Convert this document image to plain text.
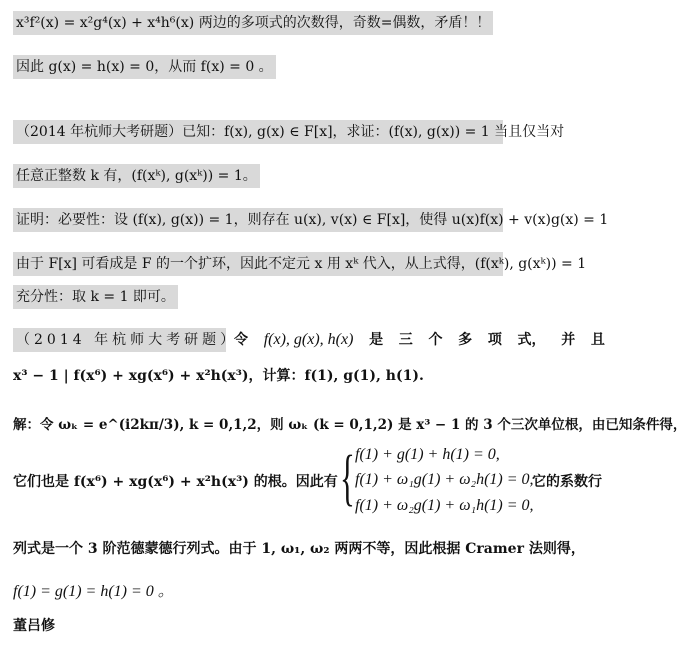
x³f²(x) = x²g⁴(x) + x⁴h⁶(x) 两边的多项式的次数得，奇数=偶数，矛盾！！
因此 g(x) = h(x) = 0，从而 f(x) = 0 。
（2014 年杭师大考研题）已知：f(x), g(x) ∈ F[x]，求证：(f(x), g(x)) = 1 当且仅当对
任意正整数 k 有，(f(xᵏ), g(xᵏ)) = 1。
证明：必要性：设 (f(x), g(x)) = 1，则存在 u(x), v(x) ∈ F[x]，使得 u(x)f(x) + v(x)g(x) = 1
由于 F[x] 可看成是 F 的一个扩环，因此不定元 x 用 xᵏ 代入，从上式得，(f(xᵏ), g(xᵏ)) = 1
充分性：取 k = 1 即可。
（2014 年杭师大考研题）
令 f(x), g(x), h(x) 是 三 个 多 项 式， 并 且
x³ − 1 | f(x⁶) + xg(x⁶) + x²h(x³)，计算：f(1), g(1), h(1).
解：令 ωₖ = e^(i2kπ/3), k = 0,1,2，则 ωₖ (k = 0,1,2) 是 x³ − 1 的 3 个三次单位根，由已知条件得，
它们也是 f(x⁶) + xg(x⁶) + x²h(x³) 的根。因此有 { f(1) + g(1) + h(1) = 0,
f(1) + ω₁g(1) + ω₂h(1) = 0,
f(1) + ω₂g(1) + ω₁h(1) = 0,
它的系数行
列式是一个 3 阶范德蒙德行列式。由于 1, ω₁, ω₂ 两两不等，因此根据 Cramer 法则得，
f(1) = g(1) = h(1) = 0 。
董吕修
